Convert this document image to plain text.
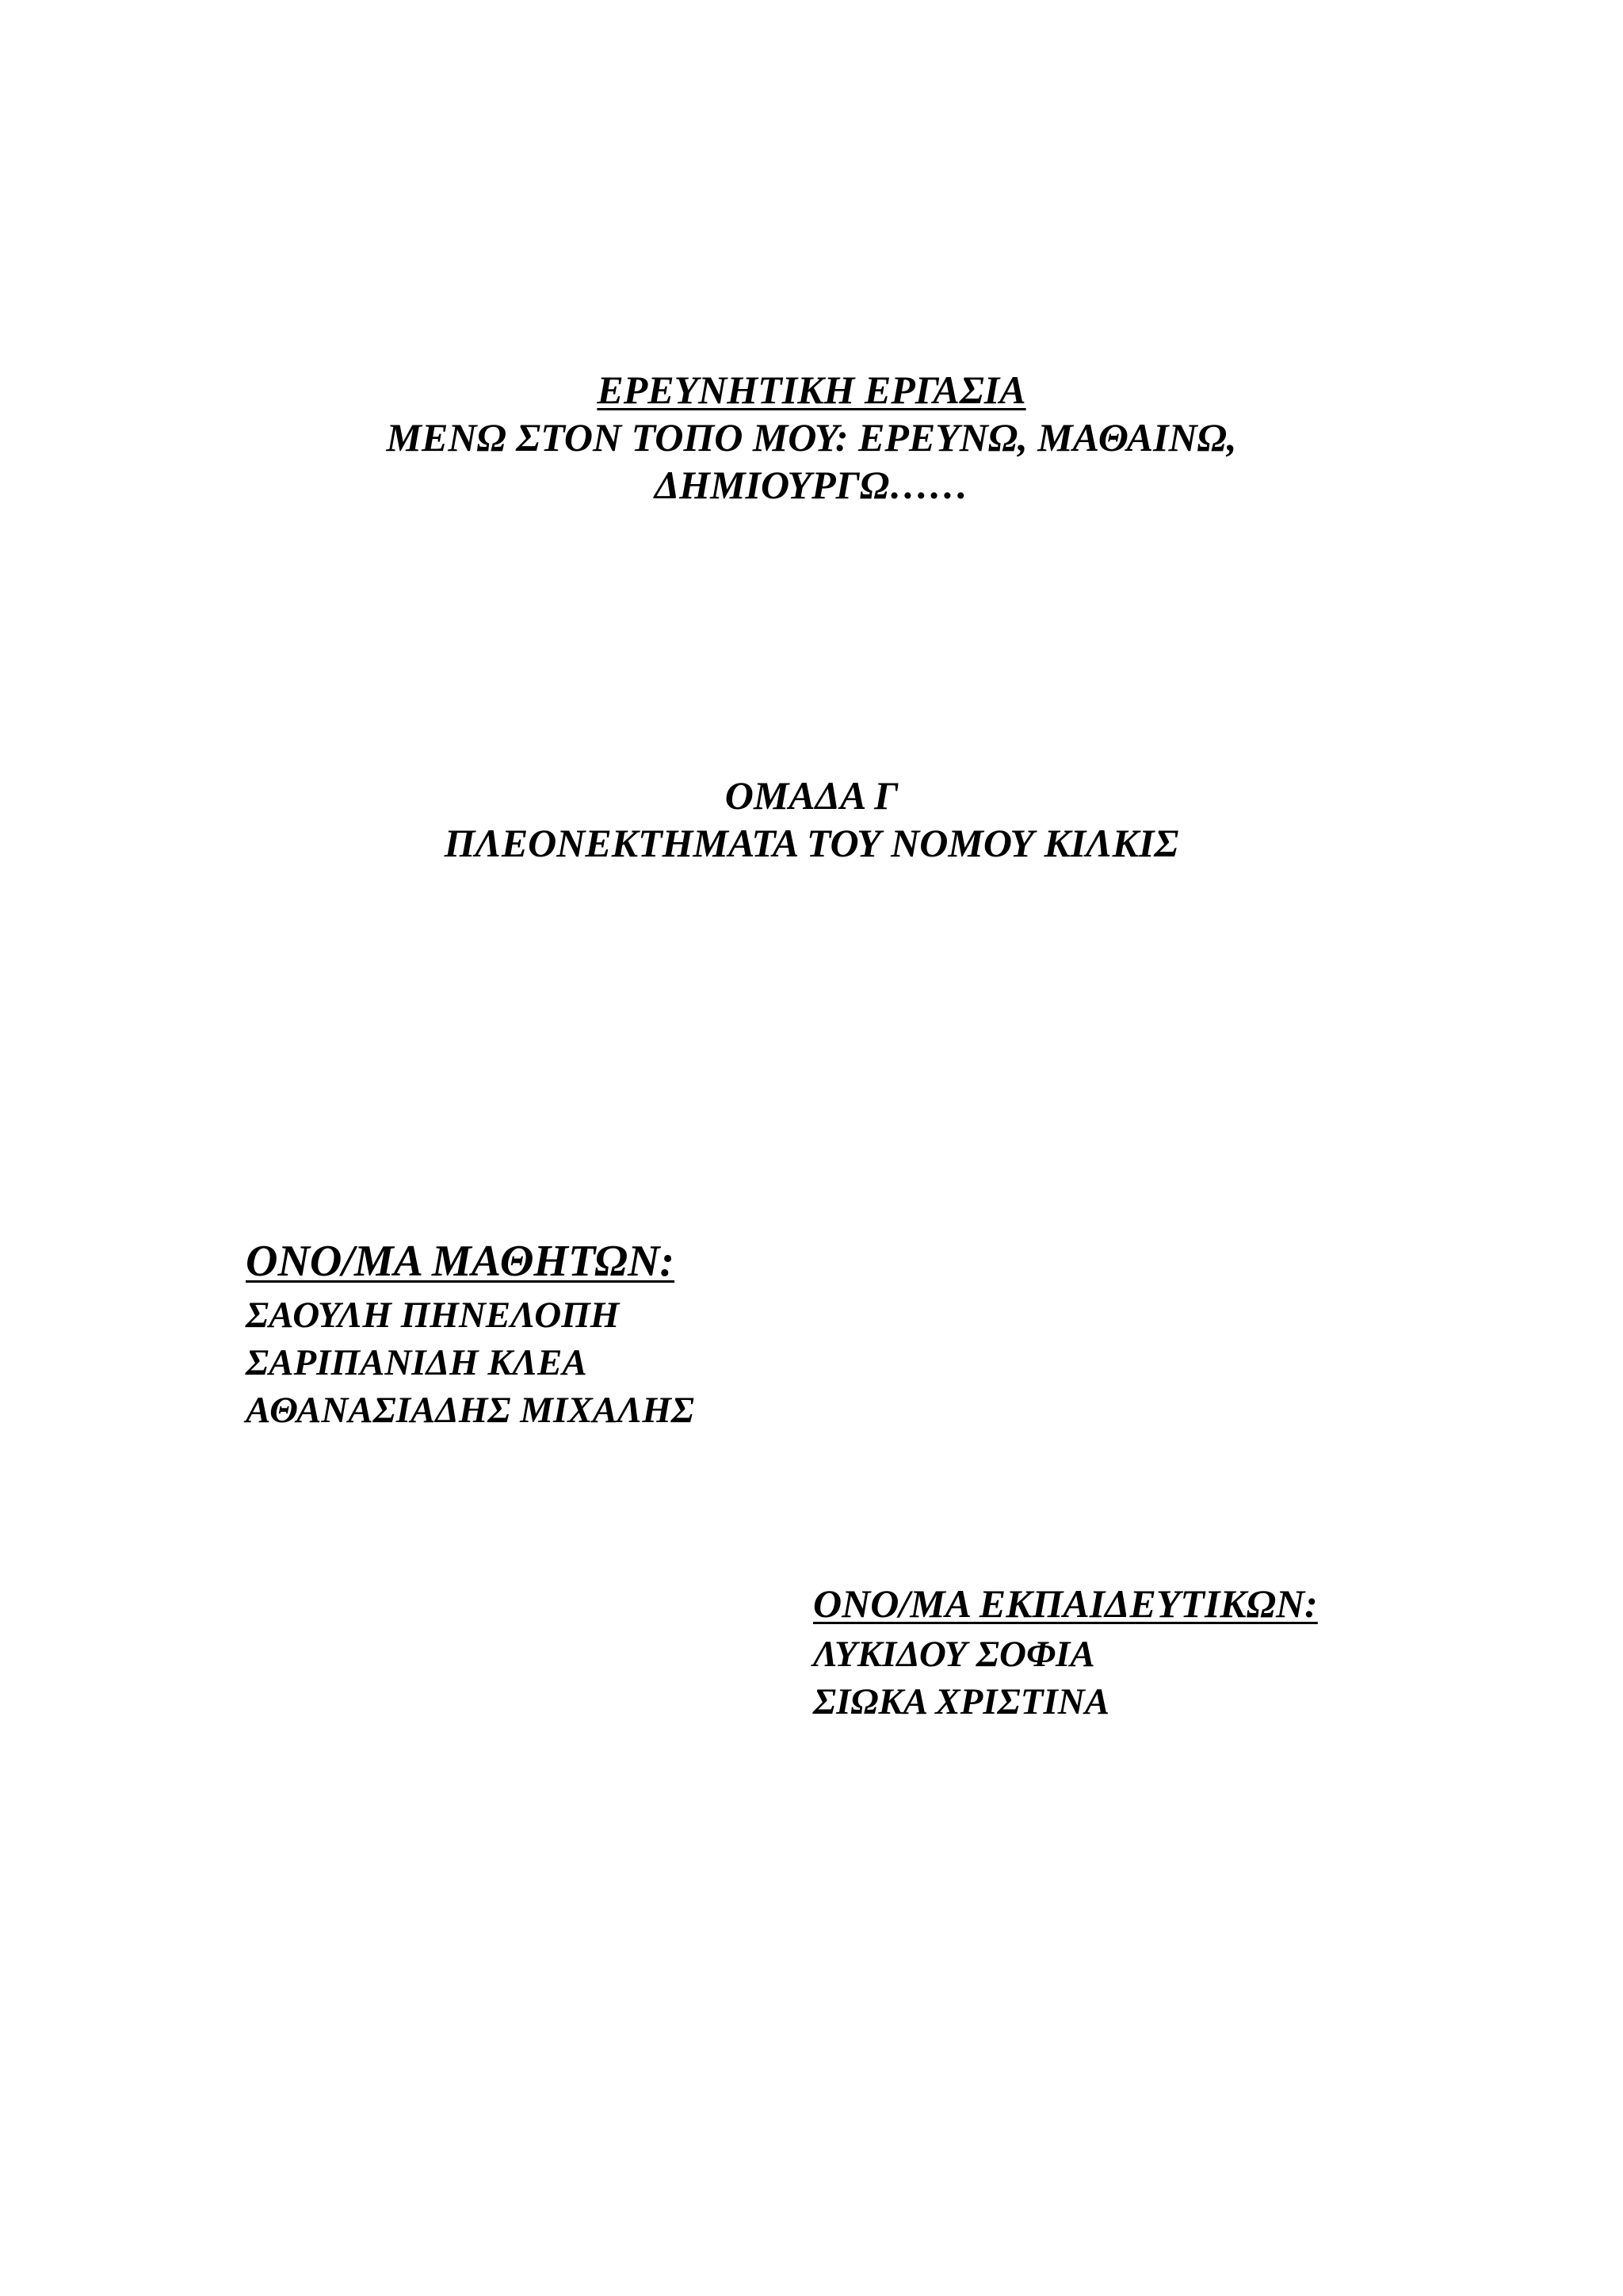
ΕΡΕΥΝΗΤΙΚΗ ΕΡΓΑΣΙΑ
ΜΕΝΩ ΣΤΟΝ ΤΟΠΟ ΜΟΥ: ΕΡΕΥΝΩ, ΜΑΘΑΙΝΩ,
ΔΗΜΙΟΥΡΓΩ……
ΟΜΑΔΑ Γ
ΠΛΕΟΝΕΚΤΗΜΑΤΑ ΤΟΥ ΝΟΜΟΥ ΚΙΛΚΙΣ
ΟΝΟ/ΜΑ ΜΑΘΗΤΩΝ:
ΣΑΟΥΛΗ ΠΗΝΕΛΟΠΗ
ΣΑΡΙΠΑΝΙΔΗ ΚΛΕΑ
ΑΘΑΝΑΣΙΑΔΗΣ ΜΙΧΑΛΗΣ
ΟΝΟ/ΜΑ ΕΚΠΑΙΔΕΥΤΙΚΩΝ:
ΛΥΚΙΔΟΥ ΣΟΦΙΑ
ΣΙΩΚΑ ΧΡΙΣΤΙΝΑ
